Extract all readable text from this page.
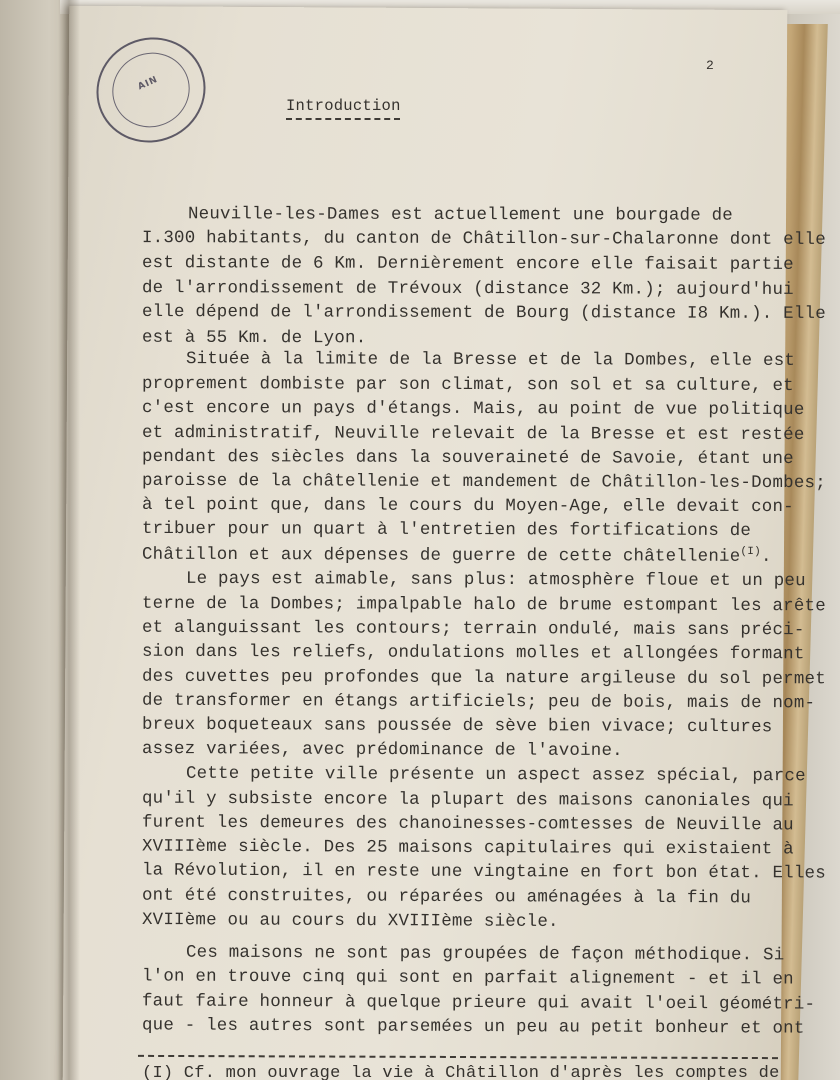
AIN
2
Introduction
Neuville-les-Dames est actuellement une bourgade de
I.300 habitants, du canton de Châtillon-sur-Chalaronne dont elle
est distante de 6 Km. Dernièrement encore elle faisait partie
de l'arrondissement de Trévoux (distance 32 Km.); aujourd'hui
elle dépend de l'arrondissement de Bourg (distance I8 Km.). Elle
est à 55 Km. de Lyon.
Située à la limite de la Bresse et de la Dombes, elle est
proprement dombiste par son climat, son sol et sa culture, et
c'est encore un pays d'étangs. Mais, au point de vue politique
et administratif, Neuville relevait de la Bresse et est restée
pendant des siècles dans la souveraineté de Savoie, étant une
paroisse de la châtellenie et mandement de Châtillon-les-Dombes;
à tel point que, dans le cours du Moyen-Age, elle devait con-
tribuer pour un quart à l'entretien des fortifications de
Châtillon et aux dépenses de guerre de cette châtellenie$^{(I)}$.
Le pays est aimable, sans plus: atmosphère floue et un peu
terne de la Dombes; impalpable halo de brume estompant les arête
et alanguissant les contours; terrain ondulé, mais sans préci-
sion dans les reliefs, ondulations molles et allongées formant
des cuvettes peu profondes que la nature argileuse du sol permet
de transformer en étangs artificiels; peu de bois, mais de nom-
breux boqueteaux sans poussée de sève bien vivace; cultures
assez variées, avec prédominance de l'avoine.
Cette petite ville présente un aspect assez spécial, parce
qu'il y subsiste encore la plupart des maisons canoniales qui
furent les demeures des chanoinesses-comtesses de Neuville au
XVIIIème siècle. Des 25 maisons capitulaires qui existaient à
la Révolution, il en reste une vingtaine en fort bon état. Elles
ont été construites, ou réparées ou aménagées à la fin du
XVIIème ou au cours du XVIIIème siècle.
Ces maisons ne sont pas groupées de façon méthodique. Si
l'on en trouve cinq qui sont en parfait alignement - et il en
faut faire honneur à quelque prieure qui avait l'oeil géométri-
que - les autres sont parsemées un peu au petit bonheur et ont
(I) Cf. mon ouvrage la vie à Châtillon d'après les comptes de
